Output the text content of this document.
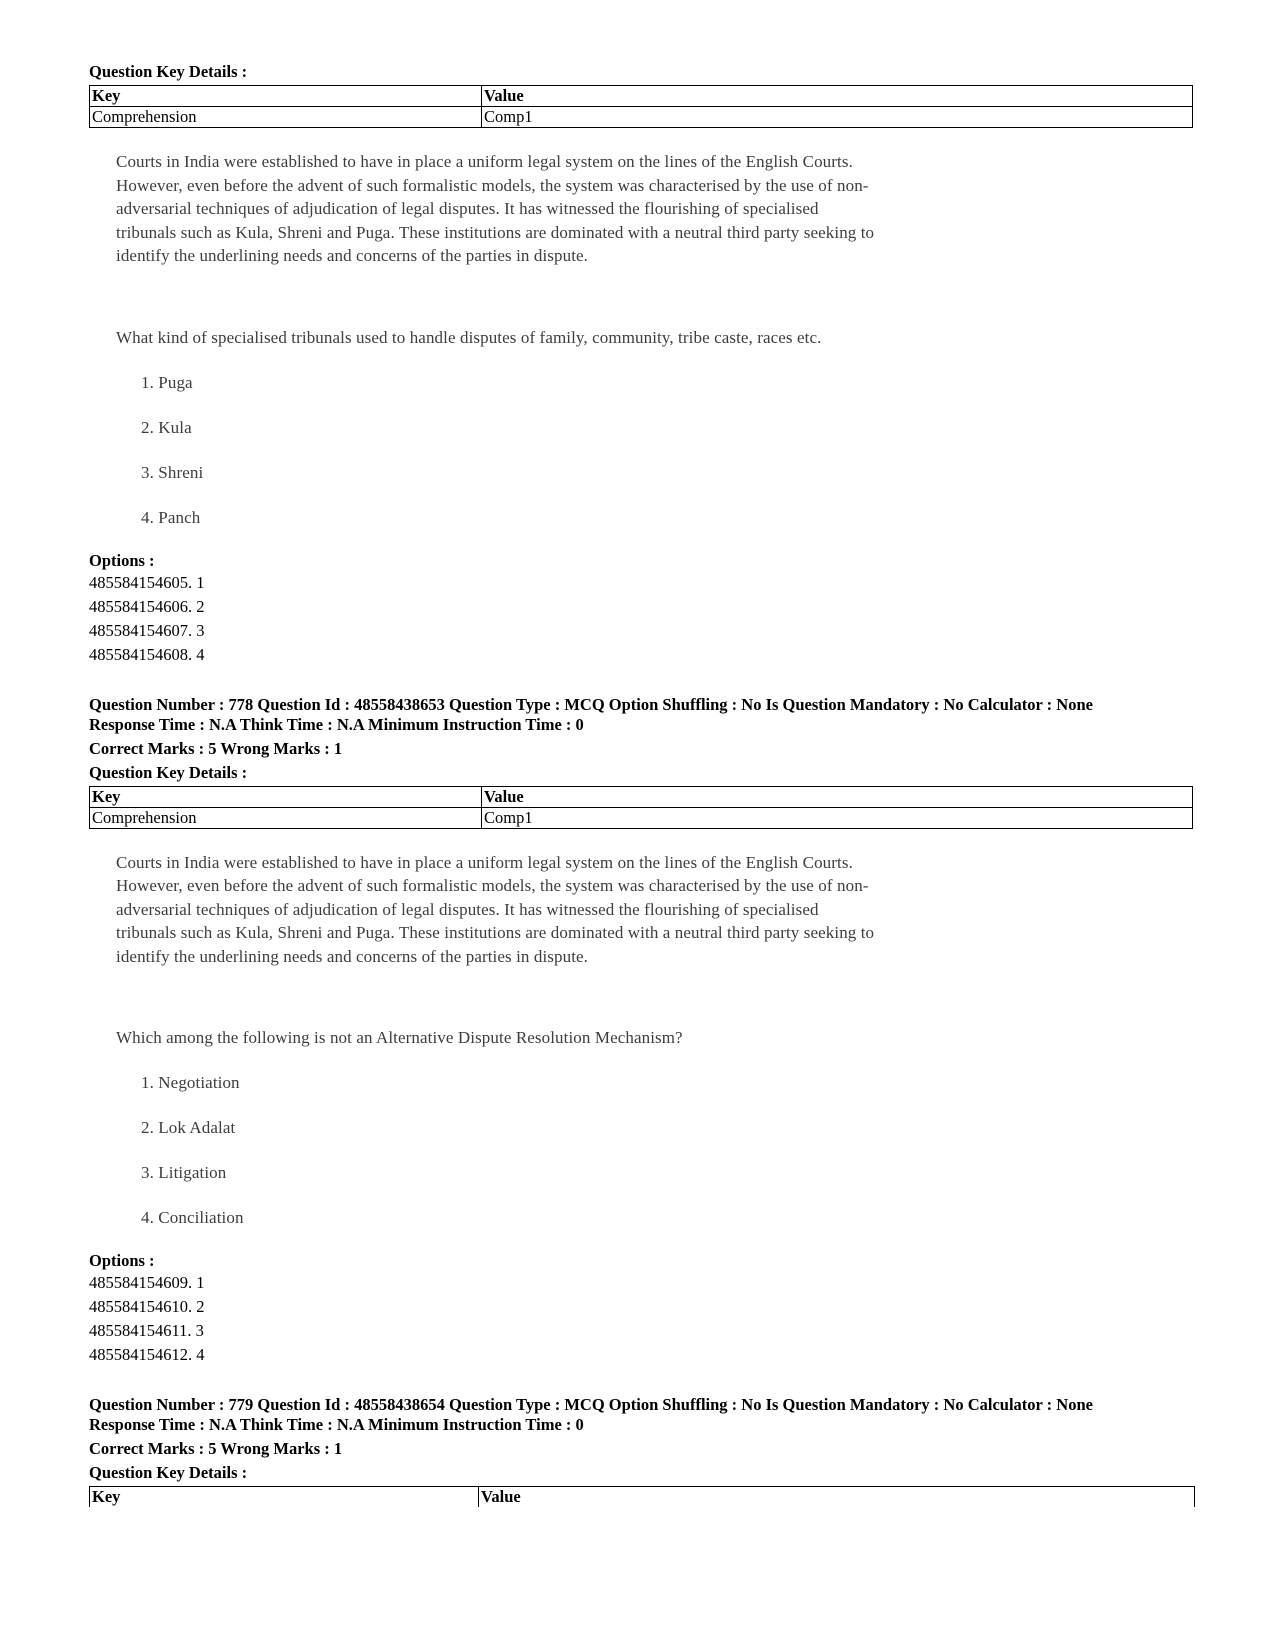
Question Key Details :

Key	Value
Comprehension	Comp1
Courts in India were established to have in place a uniform legal system on the lines of the English Courts.
However, even before the advent of such formalistic models, the system was characterised by the use of non-
adversarial techniques of adjudication of legal disputes. It has witnessed the flourishing of specialised
tribunals such as Kula, Shreni and Puga. These institutions are dominated with a neutral third party seeking to
identify the underlining needs and concerns of the parties in dispute.
What kind of specialised tribunals used to handle disputes of family, community, tribe caste, races etc.
1. Puga
2. Kula
3. Shreni
4. Panch
Options :
485584154605. 1
485584154606. 2
485584154607. 3
485584154608. 4
Question Number : 778 Question Id : 48558438653 Question Type : MCQ Option Shuffling : No Is Question Mandatory : No Calculator : None
Response Time : N.A Think Time : N.A Minimum Instruction Time : 0
Correct Marks : 5 Wrong Marks : 1

Question Key Details :

Key	Value
Comprehension	Comp1
Courts in India were established to have in place a uniform legal system on the lines of the English Courts.
However, even before the advent of such formalistic models, the system was characterised by the use of non-
adversarial techniques of adjudication of legal disputes. It has witnessed the flourishing of specialised
tribunals such as Kula, Shreni and Puga. These institutions are dominated with a neutral third party seeking to
identify the underlining needs and concerns of the parties in dispute.
Which among the following is not an Alternative Dispute Resolution Mechanism?
1. Negotiation
2. Lok Adalat
3. Litigation
4. Conciliation
Options :
485584154609. 1
485584154610. 2
485584154611. 3
485584154612. 4
Question Number : 779 Question Id : 48558438654 Question Type : MCQ Option Shuffling : No Is Question Mandatory : No Calculator : None
Response Time : N.A Think Time : N.A Minimum Instruction Time : 0
Correct Marks : 5 Wrong Marks : 1

Question Key Details :

Key	Value
